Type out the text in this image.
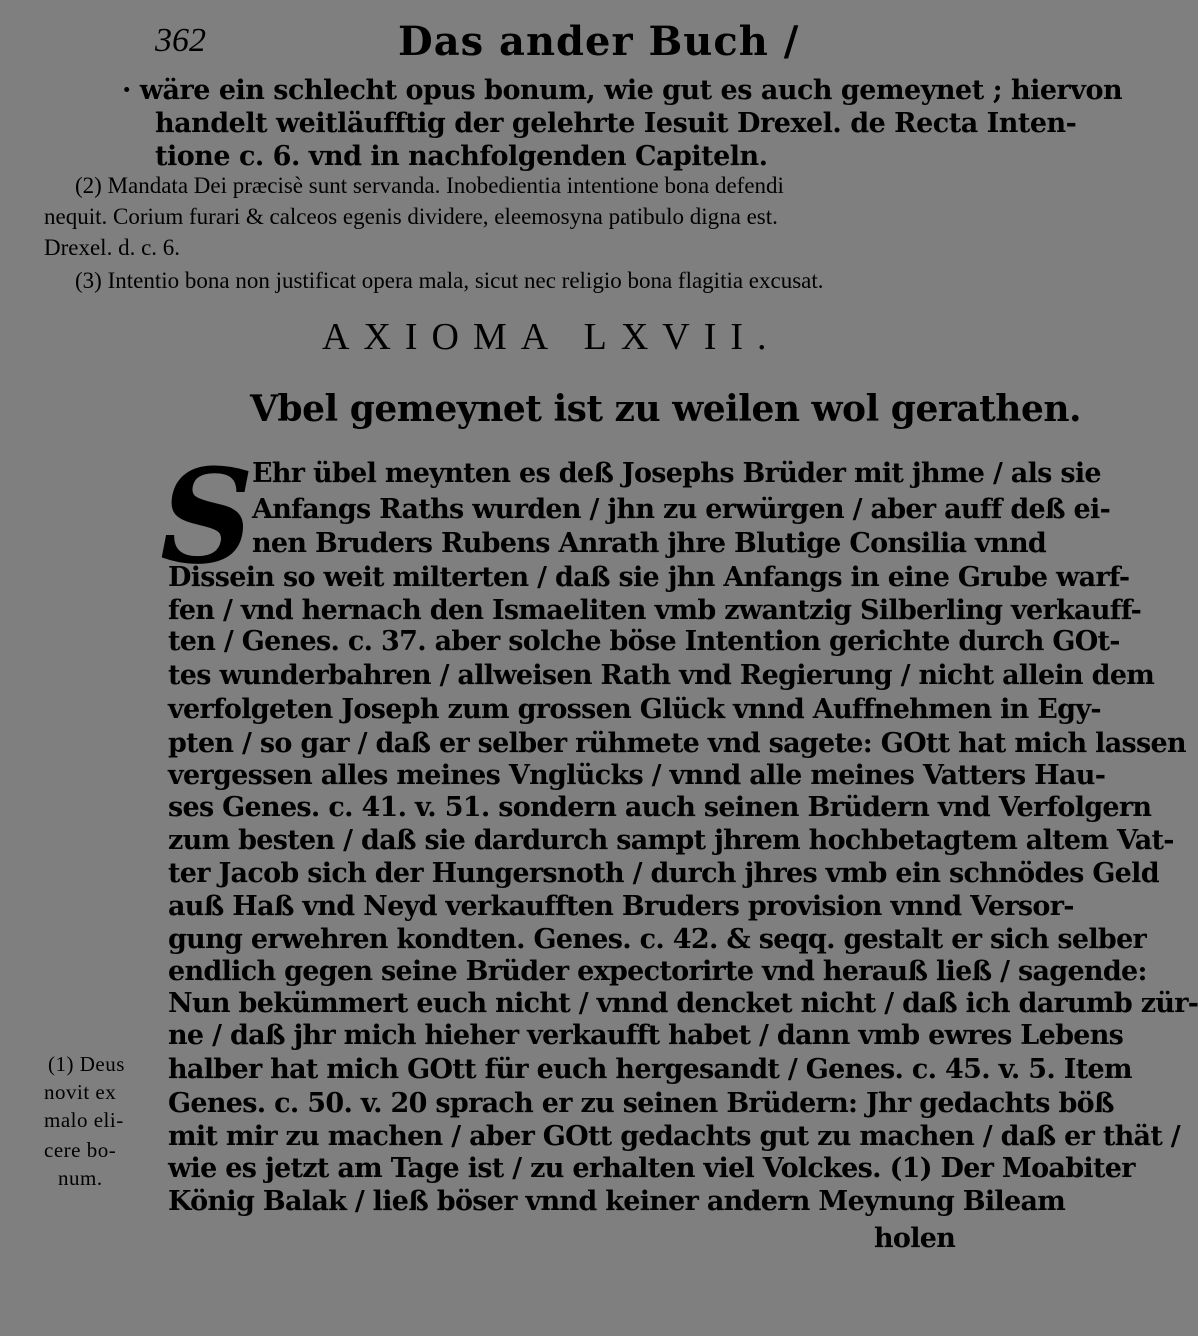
362	Das ander Buch /
· wäre ein schlecht opus bonum, wie gut es auch gemeynet ; hiervon
handelt weitläufftig der gelehrte Iesuit Drexel. de Recta Inten-
tione c. 6. vnd in nachfolgenden Capiteln.
(2) Mandata Dei præcisè sunt servanda. Inobedientia intentione bona defendi
nequit. Corium furari & calceos egenis dividere, eleemosyna patibulo digna est.
Drexel. d. c. 6.
(3) Intentio bona non justificat opera mala, sicut nec religio bona flagitia excusat.
AXIOMA LXVII.
Vbel gemeynet ist zu weilen wol gerathen.
S
Ehr übel meynten es deß Josephs Brüder mit jhme / als sie
Anfangs Raths wurden / jhn zu erwürgen / aber auff deß ei-
nen Bruders Rubens Anrath jhre Blutige Consilia vnnd
Dissein so weit milterten / daß sie jhn Anfangs in eine Grube warf-
fen / vnd hernach den Ismaeliten vmb zwantzig Silberling verkauff-
ten / Genes. c. 37. aber solche böse Intention gerichte durch GOt-
tes wunderbahren / allweisen Rath vnd Regierung / nicht allein dem
verfolgeten Joseph zum grossen Glück vnnd Auffnehmen in Egy-
pten / so gar / daß er selber rühmete vnd sagete: GOtt hat mich lassen
vergessen alles meines Vnglücks / vnnd alle meines Vatters Hau-
ses Genes. c. 41. v. 51. sondern auch seinen Brüdern vnd Verfolgern
zum besten / daß sie dardurch sampt jhrem hochbetagtem altem Vat-
ter Jacob sich der Hungersnoth / durch jhres vmb ein schnödes Geld
auß Haß vnd Neyd verkaufften Bruders provision vnnd Versor-
gung erwehren kondten. Genes. c. 42. & seqq. gestalt er sich selber
endlich gegen seine Brüder expectorirte vnd herauß ließ / sagende:
Nun bekümmert euch nicht / vnnd dencket nicht / daß ich darumb zür-
ne / daß jhr mich hieher verkaufft habet / dann vmb ewres Lebens
halber hat mich GOtt für euch hergesandt / Genes. c. 45. v. 5. Item
Genes. c. 50. v. 20 sprach er zu seinen Brüdern: Jhr gedachts böß
mit mir zu machen / aber GOtt gedachts gut zu machen / daß er thät /
wie es jetzt am Tage ist / zu erhalten viel Volckes. (1) Der Moabiter
König Balak / ließ böser vnnd keiner andern Meynung Bileam
holen
(1) Deus
novit ex
malo eli-
cere bo-
num.
